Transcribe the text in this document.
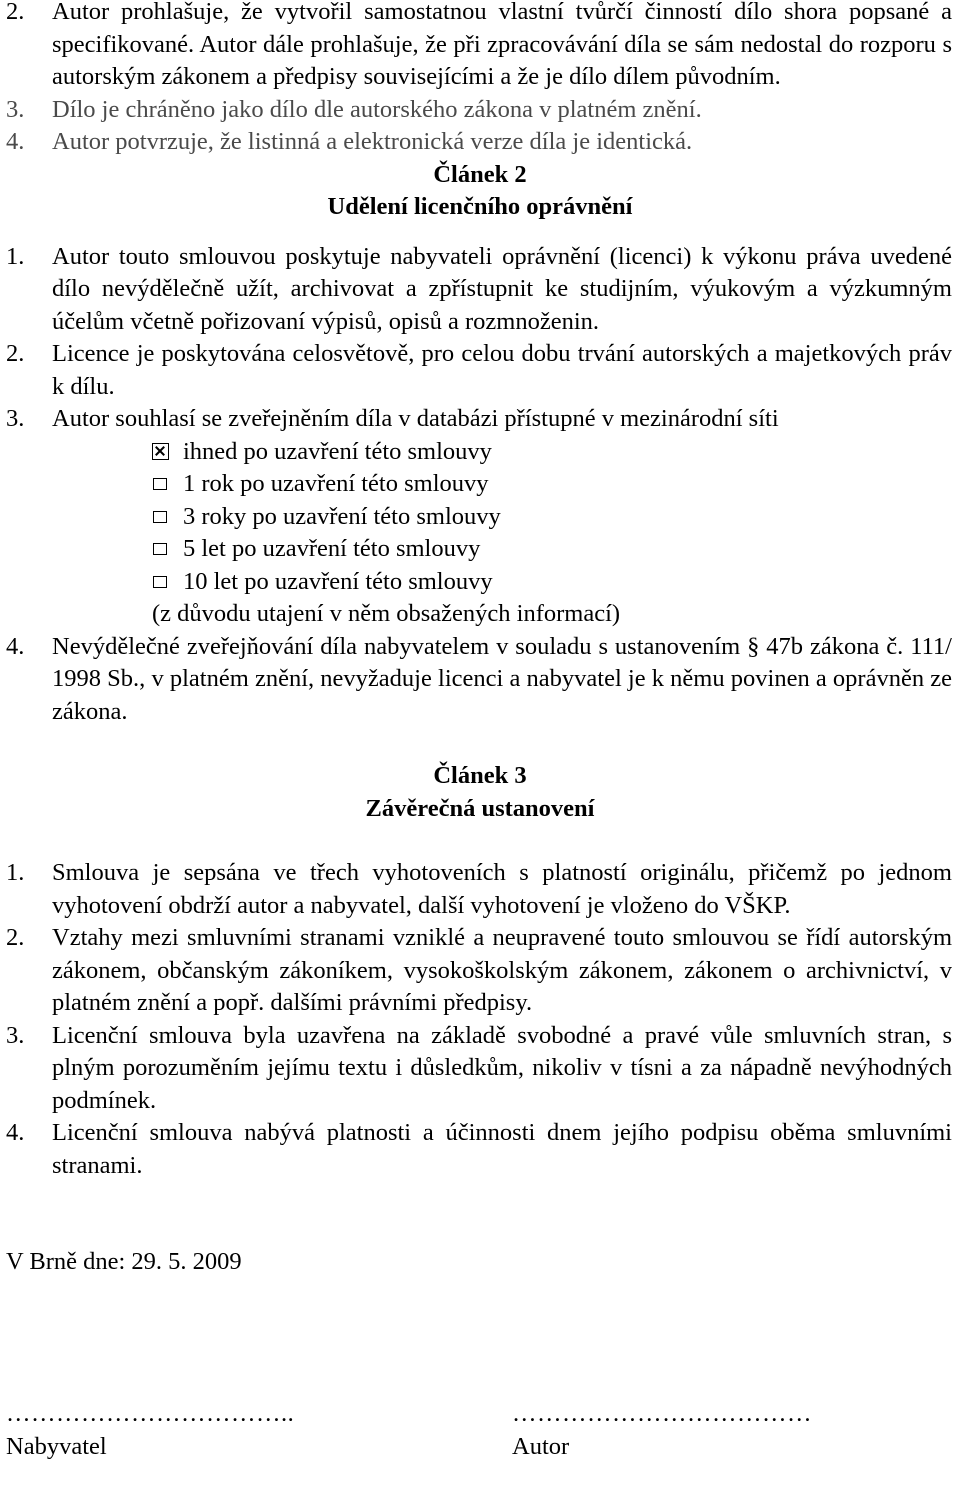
2. Autor prohlašuje, že vytvořil samostatnou vlastní tvůrčí činností dílo shora popsané a specifikované. Autor dále prohlašuje, že při zpracovávání díla se sám nedostal do rozporu s autorským zákonem a předpisy souvisejícími a že je dílo dílem původním.
3. Dílo je chráněno jako dílo dle autorského zákona v platném znění.
4. Autor potvrzuje, že listinná a elektronická verze díla je identická.
Článek 2
Udělení licenčního oprávnění
1. Autor touto smlouvou poskytuje nabyvateli oprávnění (licenci) k výkonu práva uvedené dílo nevýdělečně užít, archivovat a zpřístupnit ke studijním, výukovým a výzkumným účelům včetně pořizovaní výpisů, opisů a rozmnoženin.
2. Licence je poskytována celosvětově, pro celou dobu trvání autorských a majetkových práv k dílu.
3. Autor souhlasí se zveřejněním díla v databázi přístupné v mezinárodní síti
ihned po uzavření této smlouvy
1 rok po uzavření této smlouvy
3 roky po uzavření této smlouvy
5 let po uzavření této smlouvy
10 let po uzavření této smlouvy
(z důvodu utajení v něm obsažených informací)
4. Nevýdělečné zveřejňování díla nabyvatelem v souladu s ustanovením § 47b zákona č. 111/ 1998 Sb., v platném znění, nevyžaduje licenci a nabyvatel je k němu povinen a oprávněn ze zákona.
Článek 3
Závěrečná ustanovení
1. Smlouva je sepsána ve třech vyhotoveních s platností originálu, přičemž po jednom vyhotovení obdrží autor a nabyvatel, další vyhotovení je vloženo do VŠKP.
2. Vztahy mezi smluvními stranami vzniklé a neupravené touto smlouvou se řídí autorským zákonem, občanským zákoníkem, vysokoškolským zákonem, zákonem o archivnictví, v platném znění a popř. dalšími právními předpisy.
3. Licenční smlouva byla uzavřena na základě svobodné a pravé vůle smluvních stran, s plným porozuměním jejímu textu i důsledkům, nikoliv v tísni a za nápadně nevýhodných podmínek.
4. Licenční smlouva nabývá platnosti a účinnosti dnem jejího podpisu oběma smluvními stranami.
V Brně dne: 29. 5. 2009
……………………………..
Nabyvatel
………………………………
Autor
